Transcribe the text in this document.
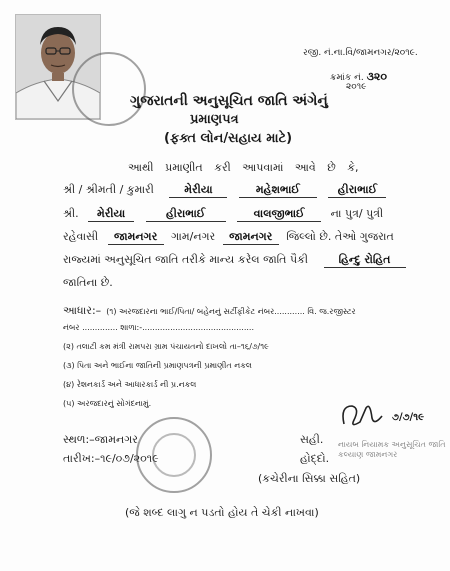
રજી. નં.ના.વિ/જામનગર/૨૦૧૯.
ક્રમાંક નં. ૩૨૦
૨૦૧૯
ગુજરાતની અનુસૂચિત જાતિ અંગેનું
પ્રમાણપત્ર
(ફક્ત લોન/સહાય માટે)
આથી પ્રમાણીત કરી આપવામાં આવે છે કે,
શ્રી / શ્રીમતી / કુમારી	મેરીયા	મહેશભાઈ	હીરાભાઈ
શ્રી. મેરીયા	હીરાભાઈ	વાલજીભાઈ ના પુત્ર/ પુત્રી
રહેવાસી જામનગર ગામ/નગર જામનગર જિલ્લો છે. તેઓ ગુજરાત
રાજ્યમાં અનુસૂચિત જાતિ તરીકે માન્ય કરેલ જાતિ પૈકી	હિન્દુ રોહિત
જાતિના છે.
આધાર:– (૧) અરજદારના ભાઈ/પિતા/ બહેનનું સર્ટીફીકેટ નંબર............ વિ. જ.રજીસ્ટર
નંબર .............. શાળા:-............................................
(૨) તલાટી કમ મંત્રી રામપરા ગ્રામ પંચાયતનો દાખલો તા–૧૬/૭/૧૯
(૩) પિતા અને ભાઈના જાતિની પ્રમાણપત્રની પ્રમાણીત નકલ
(૪) રેશનકાર્ડ અને આધારકાર્ડ ની પ્ર.નકલ
(૫) અરજદારનું સોગંદનામું.
સ્થળ:–જામનગર
તારીખ:–૧૯/૦૭/૨૦૧૯
સહી.
હોદ્દો.
(કચેરીના સિક્કા સહિત)
૭/૭/૧૯
નાયબ નિયામક અનુસૂચિત જાતિ કલ્યાણ જામનગર
(જે શબ્દ લાગુ ન પડતો હોય તે ચેકી નાખવા)
